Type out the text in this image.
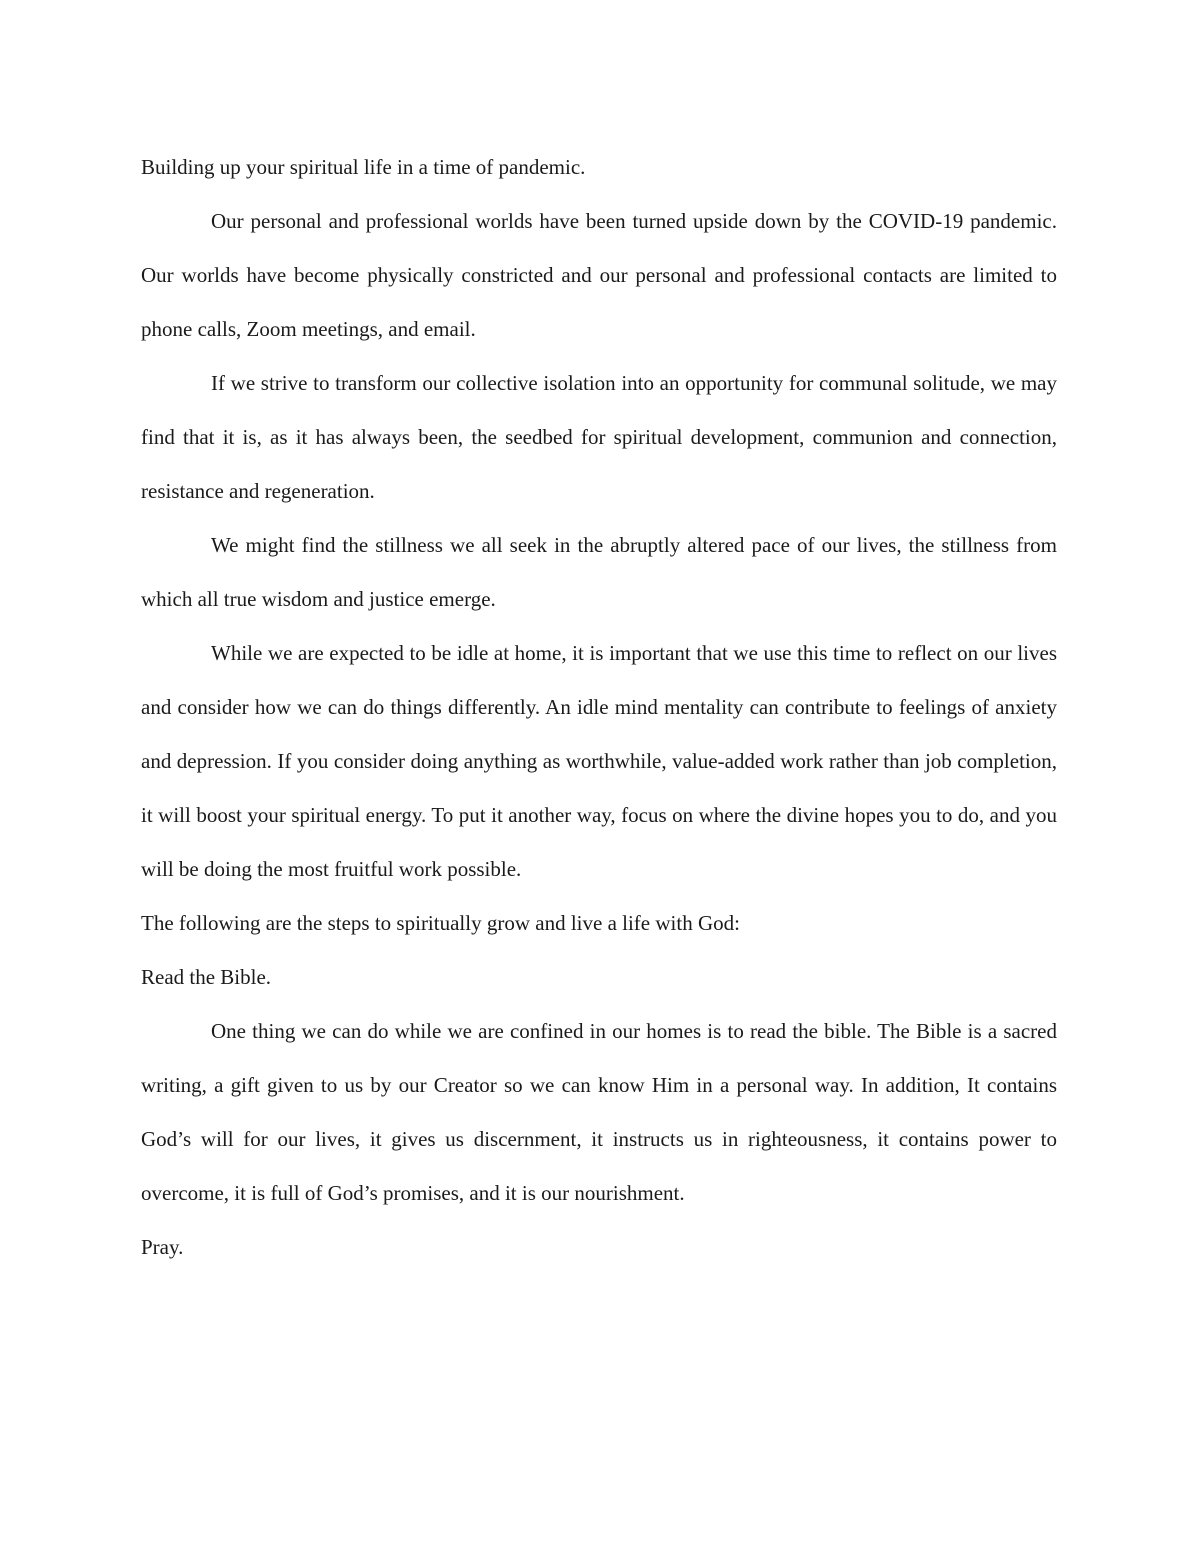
Building up your spiritual life in a time of pandemic.

Our personal and professional worlds have been turned upside down by the COVID-19 pandemic. Our worlds have become physically constricted and our personal and professional contacts are limited to phone calls, Zoom meetings, and email.

If we strive to transform our collective isolation into an opportunity for communal solitude, we may find that it is, as it has always been, the seedbed for spiritual development, communion and connection, resistance and regeneration.

We might find the stillness we all seek in the abruptly altered pace of our lives, the stillness from which all true wisdom and justice emerge.

While we are expected to be idle at home, it is important that we use this time to reflect on our lives and consider how we can do things differently. An idle mind mentality can contribute to feelings of anxiety and depression. If you consider doing anything as worthwhile, value-added work rather than job completion, it will boost your spiritual energy. To put it another way, focus on where the divine hopes you to do, and you will be doing the most fruitful work possible.

The following are the steps to spiritually grow and live a life with God:

Read the Bible.

One thing we can do while we are confined in our homes is to read the bible. The Bible is a sacred writing, a gift given to us by our Creator so we can know Him in a personal way. In addition, It contains God’s will for our lives, it gives us discernment, it instructs us in righteousness, it contains power to overcome, it is full of God’s promises, and it is our nourishment.

Pray.
